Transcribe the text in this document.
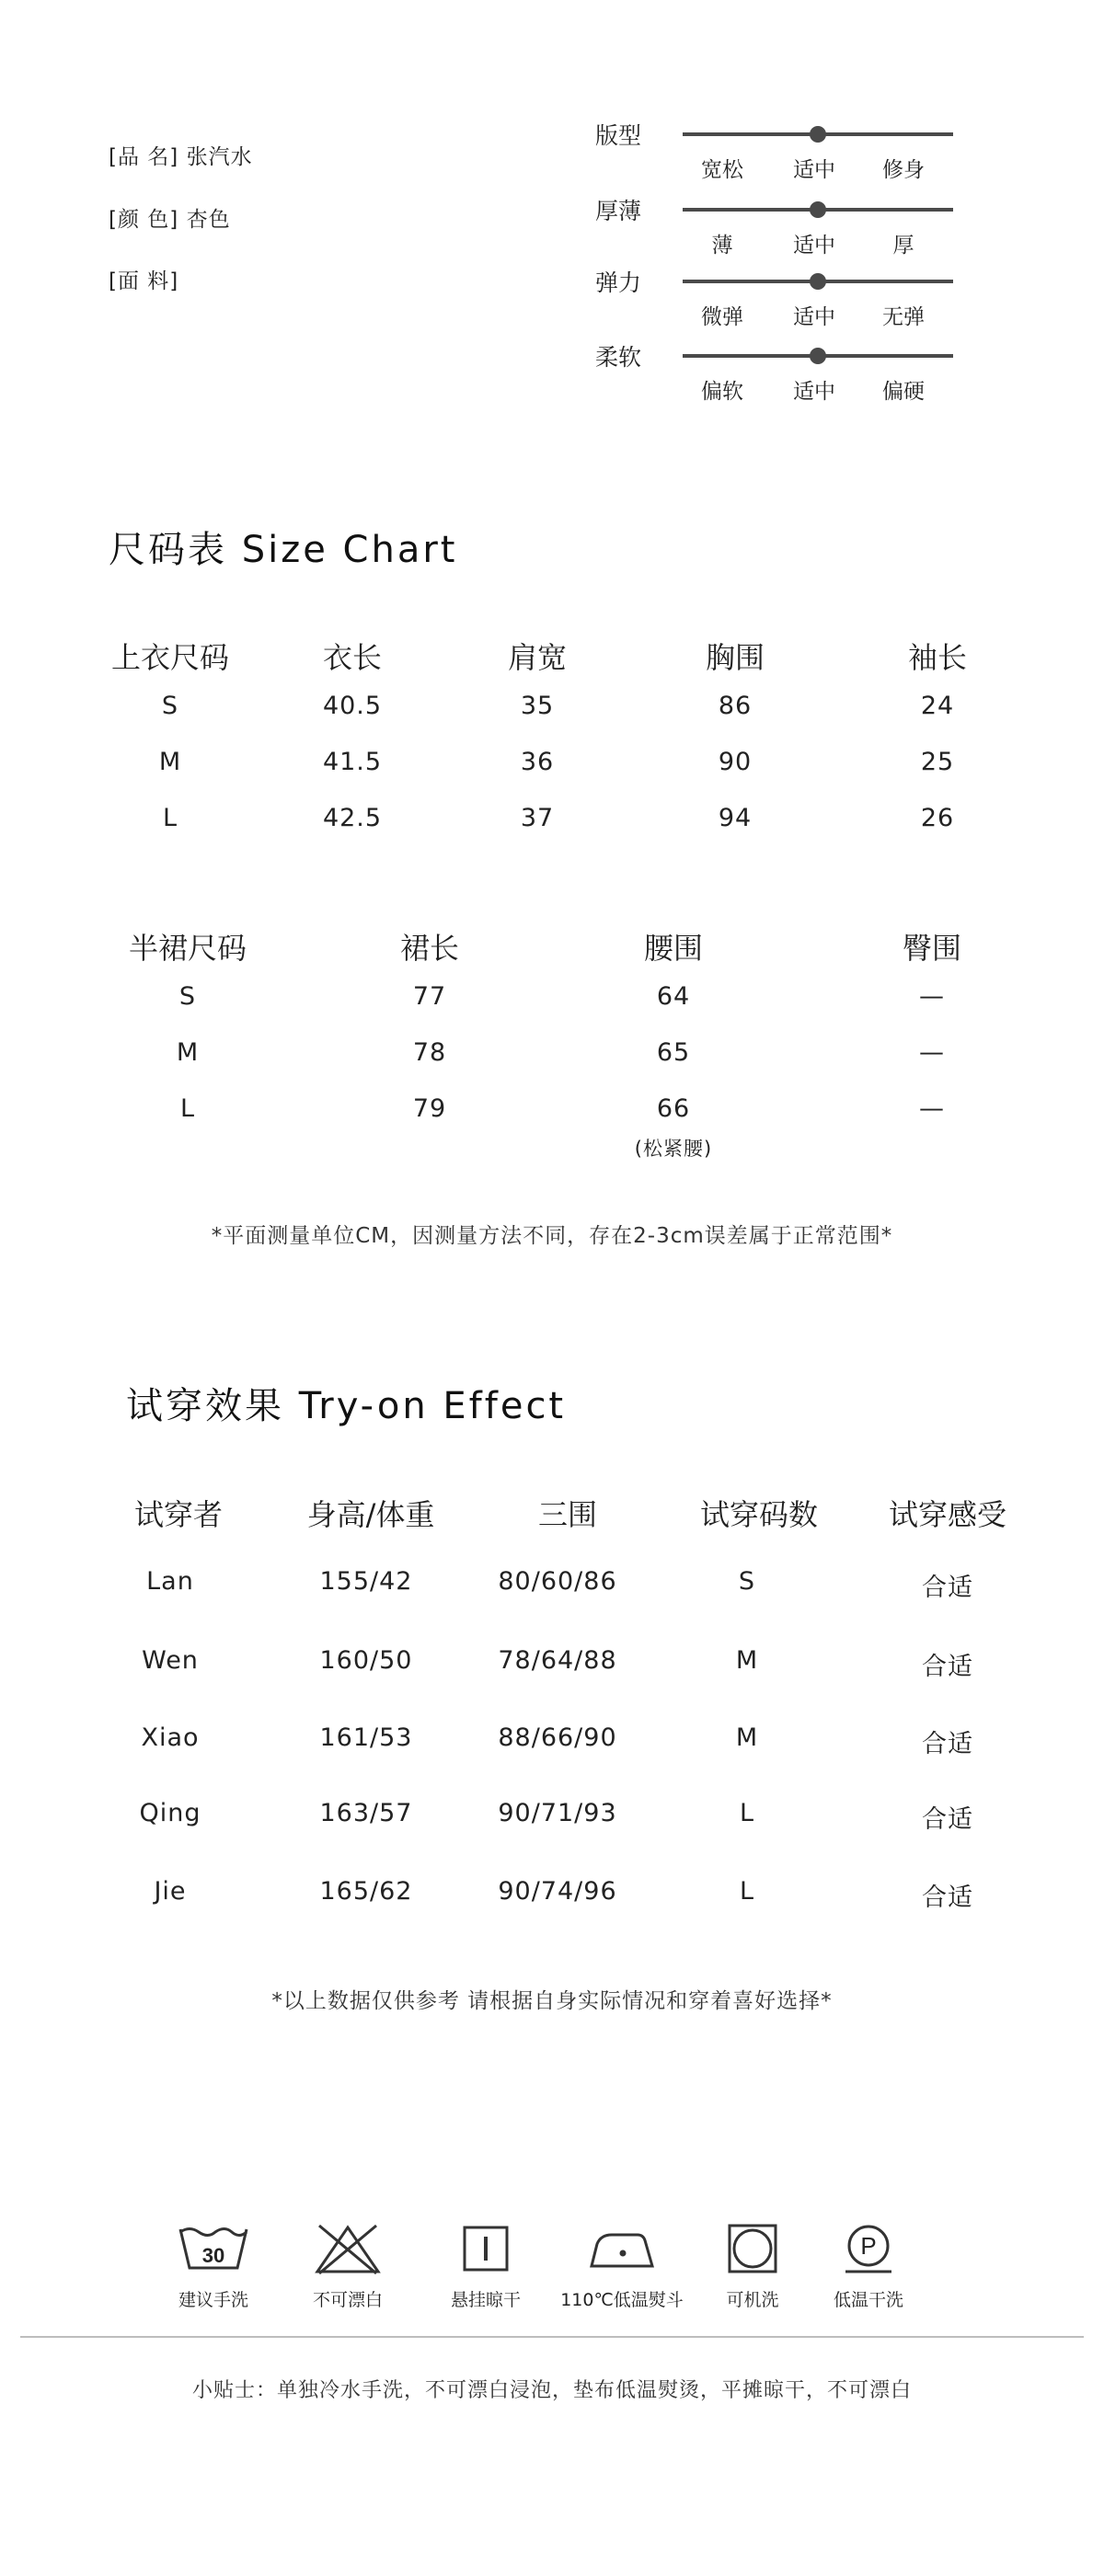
[品 名] 张汽水
[颜 色] 杏色
[面 料]
版型
宽松	适中	修身
厚薄
薄	适中	厚
弹力
微弹	适中	无弹
柔软
偏软	适中	偏硬
尺码表 Size Chart
上衣尺码	衣长	肩宽	胸围	袖长
S	40.5	35	86	24
M	41.5	36	90	25
L	42.5	37	94	26
半裙尺码	裙长	腰围	臀围
S	77	64	—
M	78	65	—
L	79	66	—
(松紧腰)
*平面测量单位CM，因测量方法不同，存在2-3cm误差属于正常范围*
试穿效果 Try-on Effect
试穿者	身高/体重	三围	试穿码数	试穿感受
Lan	155/42	80/60/86	S	合适
Wen	160/50	78/64/88	M	合适
Xiao	161/53	88/66/90	M	合适
Qing	163/57	90/71/93	L	合适
Jie	165/62	90/74/96	L	合适
*以上数据仅供参考 请根据自身实际情况和穿着喜好选择*
30
建议手洗	不可漂白	悬挂晾干	110℃低温熨斗	可机洗
P
低温干洗
小贴士：单独冷水手洗，不可漂白浸泡，垫布低温熨烫，平摊晾干，不可漂白
